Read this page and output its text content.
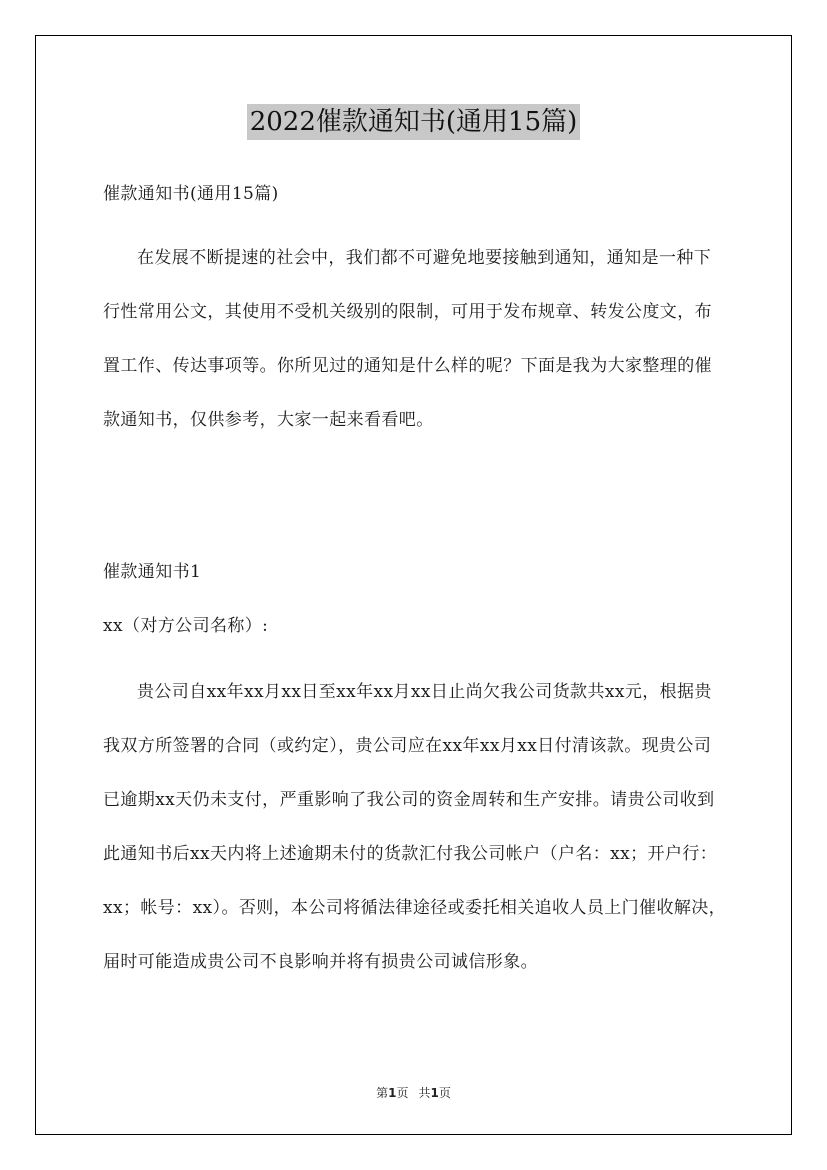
2022催款通知书(通用15篇)
催款通知书(通用15篇)
在发展不断提速的社会中，我们都不可避免地要接触到通知，通知是一种下行性常用公文，其使用不受机关级别的限制，可用于发布规章、转发公度文，布置工作、传达事项等。你所见过的通知是什么样的呢？下面是我为大家整理的催款通知书，仅供参考，大家一起来看看吧。
催款通知书1
xx（对方公司名称）:
贵公司自xx年xx月xx日至xx年xx月xx日止尚欠我公司货款共xx元，根据贵我双方所签署的合同（或约定），贵公司应在xx年xx月xx日付清该款。现贵公司已逾期xx天仍未支付，严重影响了我公司的资金周转和生产安排。请贵公司收到此通知书后xx天内将上述逾期未付的货款汇付我公司帐户（户名：xx；开户行：xx；帐号：xx）。否则，本公司将循法律途径或委托相关追收人员上门催收解决，届时可能造成贵公司不良影响并将有损贵公司诚信形象。
第1页 共1页
